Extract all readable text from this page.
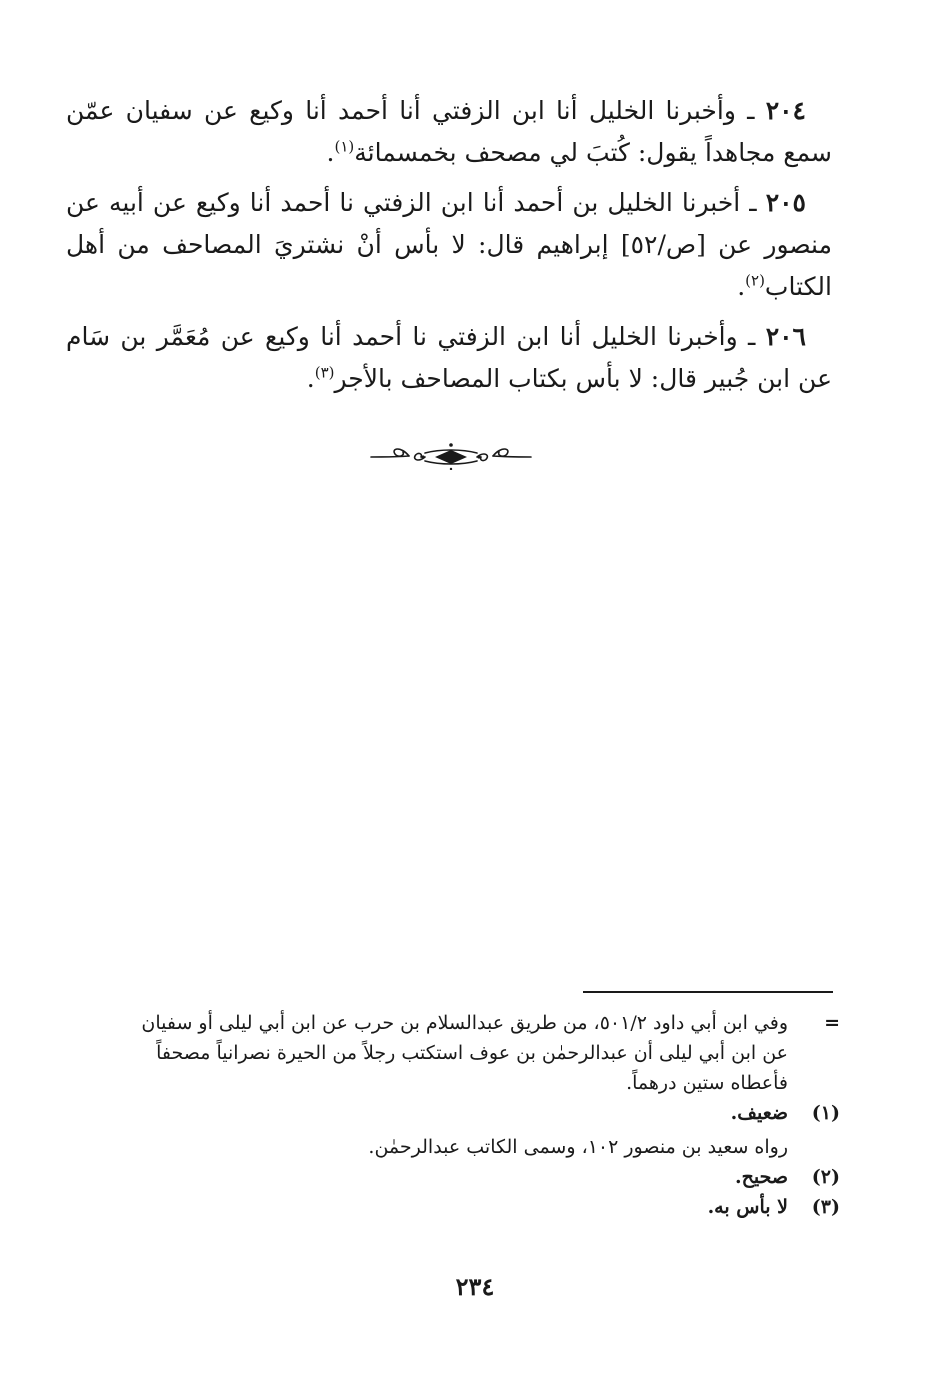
٢٠٤ ـ وأخبرنا الخليل أنا ابن الزفتي أنا أحمد أنا وكيع عن سفيان عمّن سمع مجاهداً يقول: كُتبَ لي مصحف بخمسمائة$^{(١)}$.

٢٠٥ ـ أخبرنا الخليل بن أحمد أنا ابن الزفتي نا أحمد أنا وكيع عن أبيه عن منصور عن [ص/٥٢] إبراهيم قال: لا بأس أنْ نشتريَ المصاحف من أهل الكتاب$^{(٢)}$.

٢٠٦ ـ وأخبرنا الخليل أنا ابن الزفتي نا أحمد أنا وكيع عن مُعَمَّر بن سَام عن ابن جُبير قال: لا بأس بكتاب المصاحف بالأجر$^{(٣)}$.

=
وفي ابن أبي داود ٥٠١/٢، من طريق عبدالسلام بن حرب عن ابن أبي ليلى أو سفيان
عن ابن أبي ليلى أن عبدالرحمٰن بن عوف استكتب رجلاً من الحيرة نصرانياً مصحفاً
فأعطاه ستين درهماً.
(١)
ضعيف.
رواه سعيد بن منصور ١٠٢، وسمى الكاتب عبدالرحمٰن.
(٢)
صحيح.
(٣)
لا بأس به.
٢٣٤
